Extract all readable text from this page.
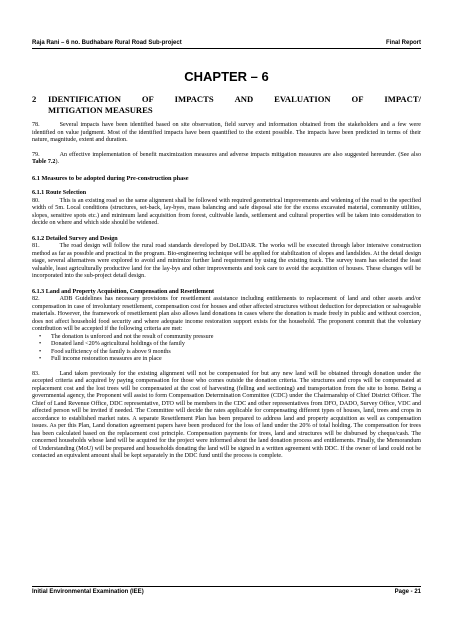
Raja Rani – 6 no. Budhabare Rural Road Sub-project	Final Report
CHAPTER – 6
2	IDENTIFICATION OF IMPACTS AND EVALUATION OF IMPACT/
MITIGATION MEASURES
78.	Several impacts have been identified based on site observation, field survey and information obtained from the stakeholders and a few were identified on value judgment. Most of the identified impacts have been quantified to the extent possible. The impacts have been predicted in terms of their nature, magnitude, extent and duration.
79.	An effective implementation of benefit maximization measures and adverse impacts mitigation measures are also suggested hereunder. (See also Table 7.2).
6.1 Measures to be adopted during Pre-construction phase
6.1.1 Route Selection
80.	This is an existing road so the same alignment shall be followed with required geometrical improvements and widening of the road to the specified width of 5m. Local conditions (structures, set-back, lay-byes, mass balancing and safe disposal site for the excess excavated material, community utilities, slopes, sensitive spots etc.) and minimum land acquisition from forest, cultivable lands, settlement and cultural properties will be taken into consideration to decide on where and which side should be widened.
6.1.2 Detailed Survey and Design
81.	The road design will follow the rural road standards developed by DoLIDAR. The works will be executed through labor intensive construction method as far as possible and practical in the program. Bio-engineering technique will be applied for stabilization of slopes and landslides. At the detail design stage, several alternatives were explored to avoid and minimize further land requirement by using the existing track. The survey team has selected the least valuable, least agriculturally productive land for the lay-bys and other improvements and took care to avoid the acquisition of houses. These changes will be incorporated into the sub-project detail design.
6.1.3 Land and Property Acquisition, Compensation and Resettlement
82.	ADB Guidelines has necessary provisions for resettlement assistance including entitlements to replacement of land and other assets and/or compensation in case of involuntary resettlement, compensation cost for houses and other affected structures without deduction for depreciation or salvageable materials. However, the framework of resettlement plan also allows land donations in cases where the donation is made freely in public and without coercion, does not affect household food security and where adequate income restoration support exists for the household. The proponent commit that the voluntary contribution will be accepted if the following criteria are met:
• The donation is unforced and not the result of community pressure
• Donated land <20% agricultural holdings of the family
• Food sufficiency of the family is above 9 months
• Full income restoration measures are in place
83.	Land taken previously for the existing alignment will not be compensated for but any new land will be obtained through donation under the accepted criteria and acquired by paying compensation for those who comes outside the donation criteria. The structures and crops will be compensated at replacement cost and the lost trees will be compensated at the cost of harvesting (felling and sectioning) and transportation from the site to home. Being a governmental agency, the Proponent will assist to form Compensation Determination Committee (CDC) under the Chairmanship of Chief District Officer. The Chief of Land Revenue Office, DDC representative, DTO will be members in the CDC and other representatives from DFO, DADO, Survey Office, VDC and affected person will be invited if needed. The Committee will decide the rates applicable for compensating different types of houses, land, trees and crops in accordance to established market rates. A separate Resettlement Plan has been prepared to address land and property acquisition as well as compensation issues. As per this Plan, Land donation agreement papers have been produced for the loss of land under the 20% of total holding. The compensation for trees has been calculated based on the replacement cost principle. Compensation payments for trees, land and structures will be disbursed by cheque/cash. The concerned households whose land will be acquired for the project were informed about the land donation process and entitlements. Finally, the Memorandum of Understanding (MoU) will be prepared and households donating the land will be signed in a written agreement with DDC. If the owner of land could not be contacted an equivalent amount shall be kept separately in the DDC fund until the process is complete.
Initial Environmental Examination (IEE)	Page - 21
